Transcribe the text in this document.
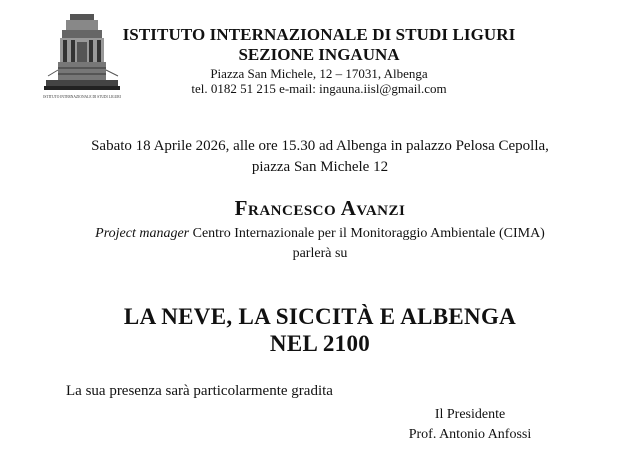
ISTITUTO INTERNAZIONALE DI STUDI LIGURI
ISTITUTO INTERNAZIONALE DI STUDI LIGURI
SEZIONE INGAUNA
Piazza San Michele, 12 – 17031, Albenga
tel. 0182 51 215 e-mail: ingauna.iisl@gmail.com
Sabato 18 Aprile 2026, alle ore 15.30 ad Albenga in palazzo Pelosa Cepolla,
piazza San Michele 12
Francesco Avanzi
Project manager Centro Internazionale per il Monitoraggio Ambientale (CIMA)
parlerà su
LA NEVE, LA SICCITÀ E ALBENGA
NEL 2100
La sua presenza sarà particolarmente gradita
Il Presidente
Prof. Antonio Anfossi
